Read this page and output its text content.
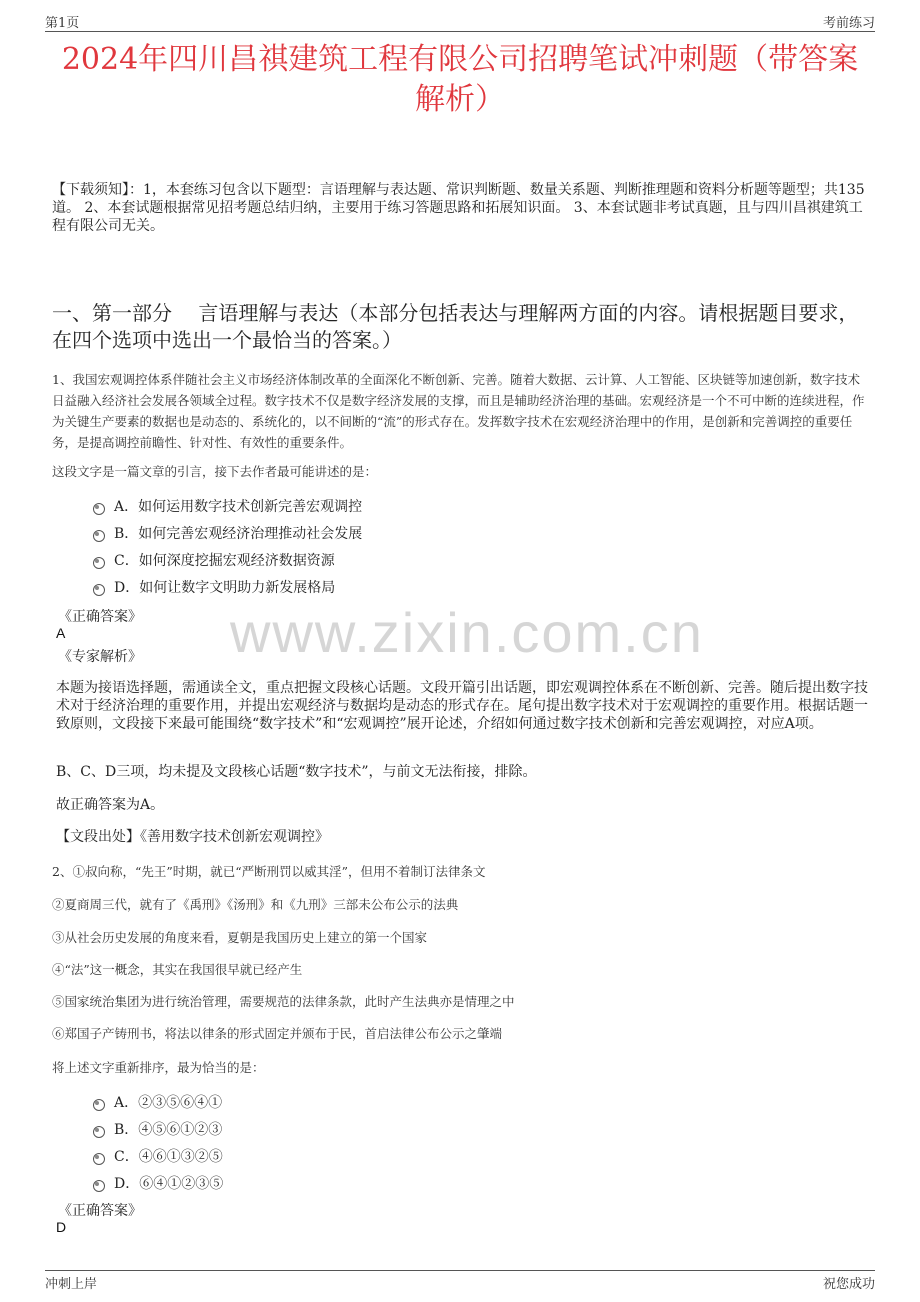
第1页	考前练习
2024年四川昌祺建筑工程有限公司招聘笔试冲刺题（带答案解析）
【下载须知】：1，本套练习包含以下题型：言语理解与表达题、常识判断题、数量关系题、判断推理题和资料分析题等题型；共135道。 2、本套试题根据常见招考题总结归纳，主要用于练习答题思路和拓展知识面。 3、本套试题非考试真题，且与四川昌祺建筑工程有限公司无关。
一、第一部分　 言语理解与表达（本部分包括表达与理解两方面的内容。请根据题目要求，在四个选项中选出一个最恰当的答案。）
1、我国宏观调控体系伴随社会主义市场经济体制改革的全面深化不断创新、完善。随着大数据、云计算、人工智能、区块链等加速创新，数字技术日益融入经济社会发展各领域全过程。数字技术不仅是数字经济发展的支撑，而且是辅助经济治理的基础。宏观经济是一个不可中断的连续进程，作为关键生产要素的数据也是动态的、系统化的，以不间断的“流”的形式存在。发挥数字技术在宏观经济治理中的作用，是创新和完善调控的重要任务，是提高调控前瞻性、针对性、有效性的重要条件。
这段文字是一篇文章的引言，接下去作者最可能讲述的是：
A．如何运用数字技术创新完善宏观调控
B．如何完善宏观经济治理推动社会发展
C．如何深度挖掘宏观经济数据资源
D．如何让数字文明助力新发展格局
《正确答案》
A
《专家解析》 www.zixin.com.cn
本题为接语选择题，需通读全文，重点把握文段核心话题。文段开篇引出话题，即宏观调控体系在不断创新、完善。随后提出数字技术对于经济治理的重要作用，并提出宏观经济与数据均是动态的形式存在。尾句提出数字技术对于宏观调控的重要作用。根据话题一致原则，文段接下来最可能围绕“数字技术”和“宏观调控”展开论述，介绍如何通过数字技术创新和完善宏观调控，对应A项。
B、C、D三项，均未提及文段核心话题“数字技术”，与前文无法衔接，排除。
故正确答案为A。
【文段出处】《善用数字技术创新宏观调控》
2、①叔向称，“先王”时期，就已“严断刑罚以威其淫”，但用不着制订法律条文
②夏商周三代，就有了《禹刑》《汤刑》和《九刑》三部未公布公示的法典
③从社会历史发展的角度来看，夏朝是我国历史上建立的第一个国家
④“法”这一概念，其实在我国很早就已经产生
⑤国家统治集团为进行统治管理，需要规范的法律条款，此时产生法典亦是情理之中
⑥郑国子产铸刑书，将法以律条的形式固定并颁布于民，首启法律公布公示之肇端
将上述文字重新排序，最为恰当的是：
A．②③⑤⑥④①
B．④⑤⑥①②③
C．④⑥①③②⑤
D．⑥④①②③⑤
《正确答案》
D
冲刺上岸	祝您成功
